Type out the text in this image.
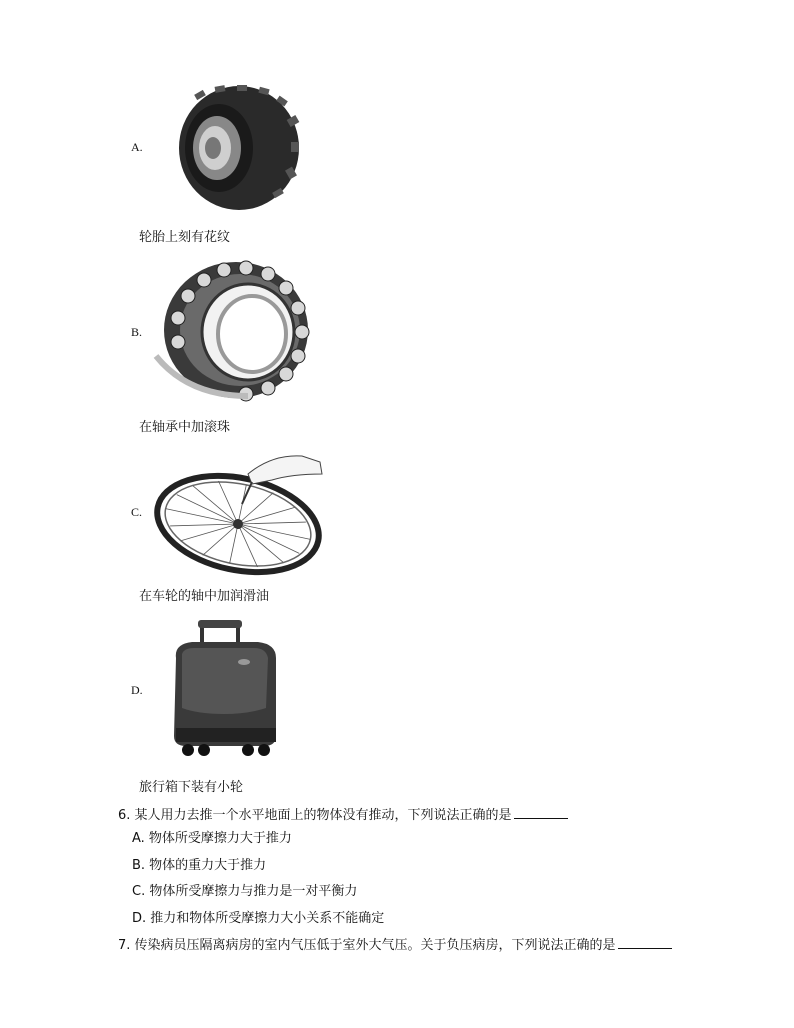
A.
轮胎上刻有花纹
B.
在轴承中加滚珠
C.
在车轮的轴中加润滑油
D.
旅行箱下装有小轮
6. 某人用力去推一个水平地面上的物体没有推动，下列说法正确的是
A. 物体所受摩擦力大于推力
B. 物体的重力大于推力
C. 物体所受摩擦力与推力是一对平衡力
D. 推力和物体所受摩擦力大小关系不能确定
7. 传染病员压隔离病房的室内气压低于室外大气压。关于负压病房，下列说法正确的是
